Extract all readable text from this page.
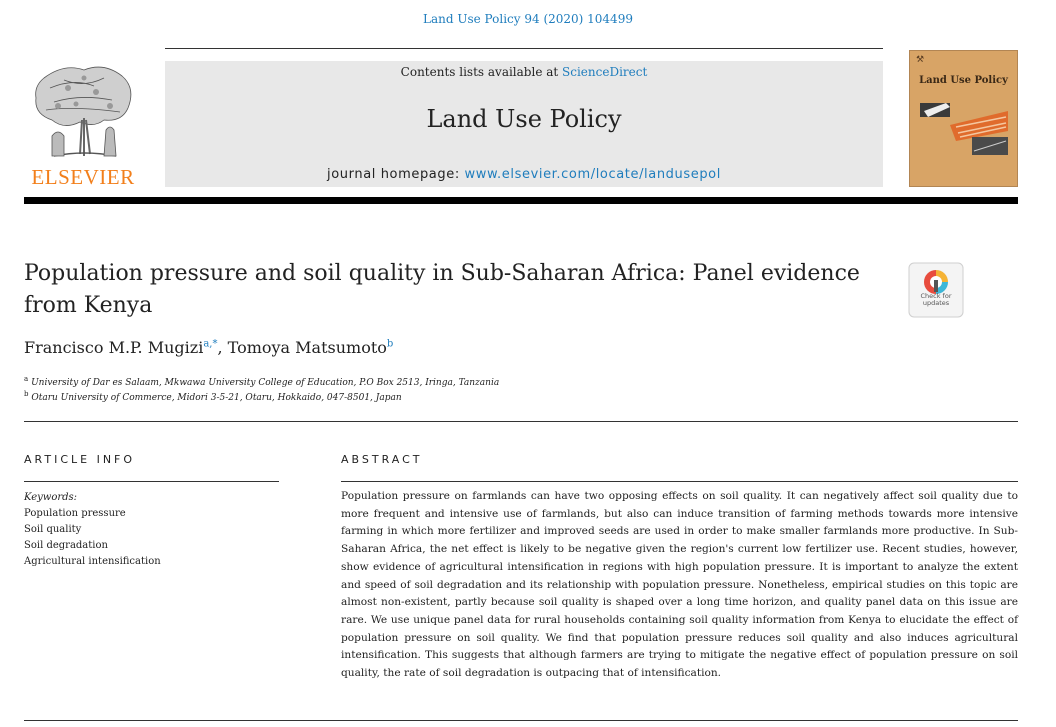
Land Use Policy 94 (2020) 104499
ELSEVIER
Contents lists available at ScienceDirect
Land Use Policy
journal homepage: www.elsevier.com/locate/landusepol
⚒
Land Use Policy
Population pressure and soil quality in Sub-Saharan Africa: Panel evidence from Kenya	Check for
updates
Francisco M.P. Mugizi$^{a,*}$, Tomoya Matsumoto$^b$
$^a$ University of Dar es Salaam, Mkwawa University College of Education, P.O Box 2513, Iringa, Tanzania
$^b$ Otaru University of Commerce, Midori 3-5-21, Otaru, Hokkaido, 047-8501, Japan
ARTICLE INFO	ABSTRACT
Keywords:
Population pressure
Soil quality
Soil degradation
Agricultural intensification
Population pressure on farmlands can have two opposing effects on soil quality. It can negatively affect soil quality due to more frequent and intensive use of farmlands, but also can induce transition of farming methods towards more intensive farming in which more fertilizer and improved seeds are used in order to make smaller farmlands more productive. In Sub-Saharan Africa, the net effect is likely to be negative given the region's current low fertilizer use. Recent studies, however, show evidence of agricultural intensification in regions with high population pressure. It is important to analyze the extent and speed of soil degradation and its relationship with population pressure. Nonetheless, empirical studies on this topic are almost non-existent, partly because soil quality is shaped over a long time horizon, and quality panel data on this issue are rare. We use unique panel data for rural households containing soil quality information from Kenya to elucidate the effect of population pressure on soil quality. We find that population pressure reduces soil quality and also induces agricultural intensification. This suggests that although farmers are trying to mitigate the negative effect of population pressure on soil quality, the rate of soil degradation is outpacing that of intensification.
